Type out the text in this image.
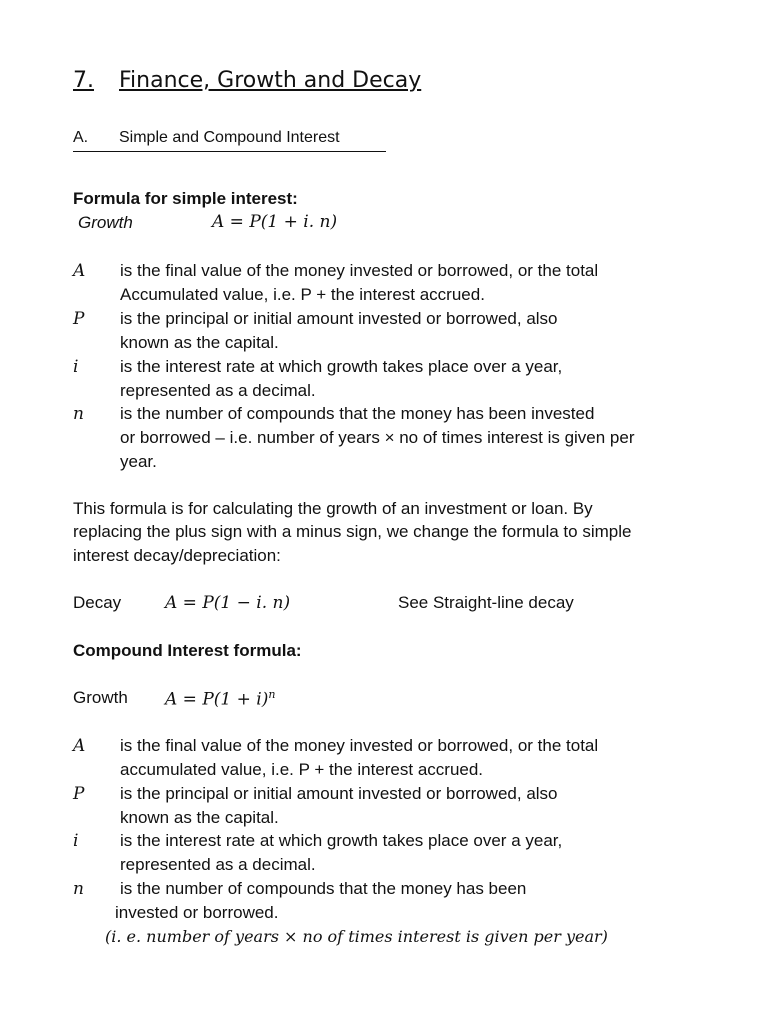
7. Finance, Growth and Decay
A. Simple and Compound Interest
Formula for simple interest:
Growth	A = P(1 + i. n)
A is the final value of the money invested or borrowed, or the total
Accumulated value, i.e. P + the interest accrued.
P is the principal or initial amount invested or borrowed, also
known as the capital.
i is the interest rate at which growth takes place over a year,
represented as a decimal.
n is the number of compounds that the money has been invested
or borrowed – i.e. number of years × no of times interest is given per
year.
This formula is for calculating the growth of an investment or loan. By
replacing the plus sign with a minus sign, we change the formula to simple
interest decay/depreciation:
Decay	A = P(1 − i. n)	See Straight-line decay
Compound Interest formula:
Growth $A = P(1 + i)^n$
A is the final value of the money invested or borrowed, or the total
accumulated value, i.e. P + the interest accrued.
P is the principal or initial amount invested or borrowed, also
known as the capital.
i is the interest rate at which growth takes place over a year,
represented as a decimal.
n is the number of compounds that the money has been
invested or borrowed.
(i. e. number of years × no of times interest is given per year)
